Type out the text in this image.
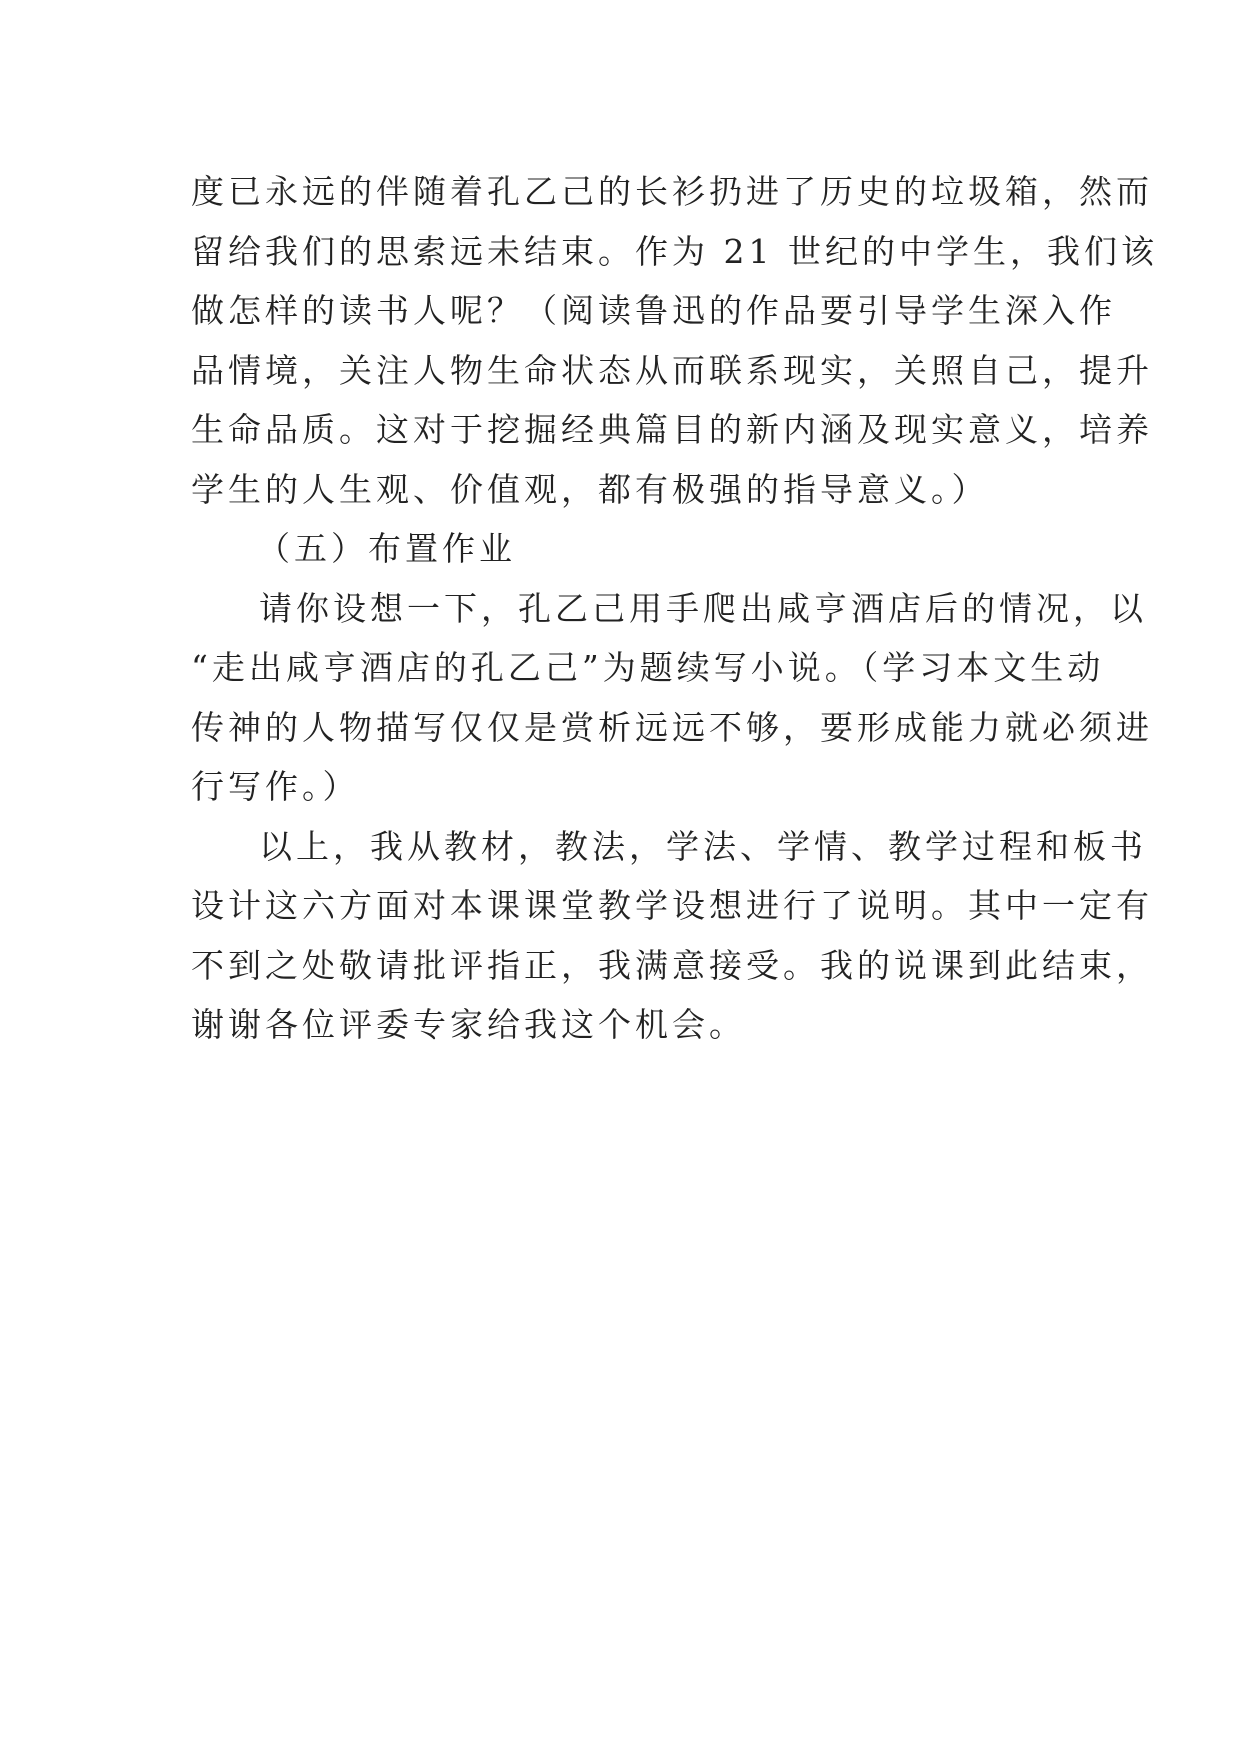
度已永远的伴随着孔乙己的长衫扔进了历史的垃圾箱，然而
留给我们的思索远未结束。作为 21 世纪的中学生，我们该
做怎样的读书人呢？（阅读鲁迅的作品要引导学生深入作
品情境，关注人物生命状态从而联系现实，关照自己，提升
生命品质。这对于挖掘经典篇目的新内涵及现实意义，培养
学生的人生观、价值观，都有极强的指导意义。）
（五）布置作业
请你设想一下，孔乙己用手爬出咸亨酒店后的情况，以
“走出咸亨酒店的孔乙己”为题续写小说。（学习本文生动
传神的人物描写仅仅是赏析远远不够，要形成能力就必须进
行写作。）
以上，我从教材，教法，学法、学情、教学过程和板书
设计这六方面对本课课堂教学设想进行了说明。其中一定有
不到之处敬请批评指正，我满意接受。我的说课到此结束，
谢谢各位评委专家给我这个机会。
